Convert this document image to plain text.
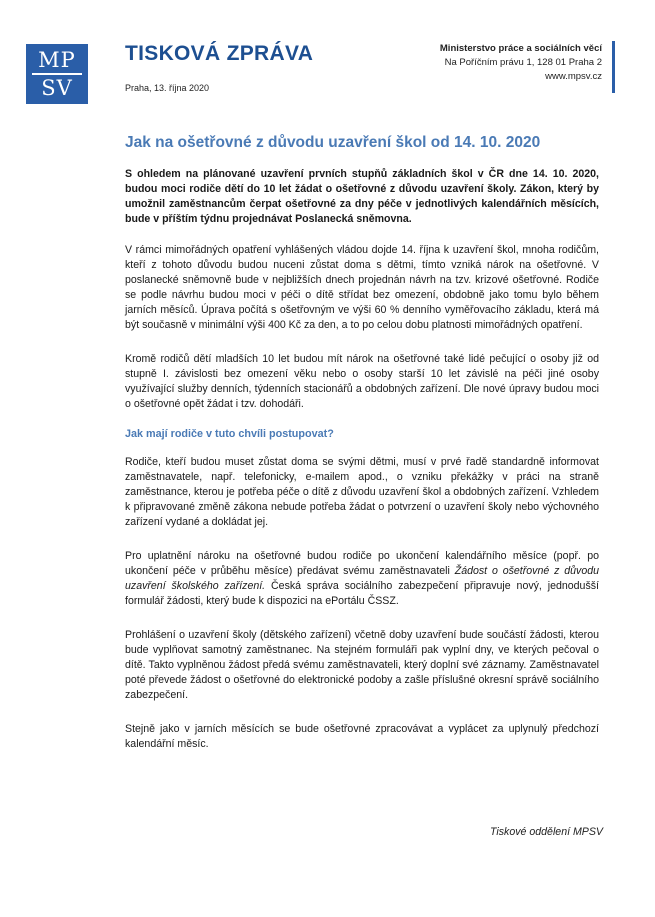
MP
SV
TISKOVÁ ZPRÁVA
Praha, 13. října 2020
Ministerstvo práce a sociálních věcí
Na Poříčním právu 1, 128 01 Praha 2
www.mpsv.cz
Jak na ošetřovné z důvodu uzavření škol od 14. 10. 2020

S ohledem na plánované uzavření prvních stupňů základních škol v ČR dne 14. 10. 2020, budou moci rodiče dětí do 10 let žádat o ošetřovné z důvodu uzavření školy. Zákon, který by umožnil zaměstnancům čerpat ošetřovné za dny péče v jednotlivých kalendářních měsících, bude v příštím týdnu projednávat Poslanecká sněmovna.

V rámci mimořádných opatření vyhlášených vládou dojde 14. října k uzavření škol, mnoha rodičům, kteří z tohoto důvodu budou nuceni zůstat doma s dětmi, tímto vzniká nárok na ošetřovné. V poslanecké sněmovně bude v nejbližších dnech projednán návrh na tzv. krizové ošetřovné. Rodiče se podle návrhu budou moci v péči o dítě střídat bez omezení, obdobně jako tomu bylo během jarních měsíců. Úprava počítá s ošetřovným ve výši 60 % denního vyměřovacího základu, která má být současně v minimální výši 400 Kč za den, a to po celou dobu platnosti mimořádných opatření.

Kromě rodičů dětí mladších 10 let budou mít nárok na ošetřovné také lidé pečující o osoby již od stupně I. závislosti bez omezení věku nebo o osoby starší 10 let závislé na péči jiné osoby využívající služby denních, týdenních stacionářů a obdobných zařízení. Dle nové úpravy budou moci o ošetřovné opět žádat i tzv. dohodáři.

Jak mají rodiče v tuto chvíli postupovat?

Rodiče, kteří budou muset zůstat doma se svými dětmi, musí v prvé řadě standardně informovat zaměstnavatele, např. telefonicky, e-mailem apod., o vzniku překážky v práci na straně zaměstnance, kterou je potřeba péče o dítě z důvodu uzavření škol a obdobných zařízení. Vzhledem k připravované změně zákona nebude potřeba žádat o potvrzení o uzavření školy nebo výchovného zařízení vydané a dokládat jej.

Pro uplatnění nároku na ošetřovné budou rodiče po ukončení kalendářního měsíce (popř. po ukončení péče v průběhu měsíce) předávat svému zaměstnavateli Žádost o ošetřovné z důvodu uzavření školského zařízení. Česká správa sociálního zabezpečení připravuje nový, jednodušší formulář žádosti, který bude k dispozici na ePortálu ČSSZ.

Prohlášení o uzavření školy (dětského zařízení) včetně doby uzavření bude součástí žádosti, kterou bude vyplňovat samotný zaměstnanec. Na stejném formuláři pak vyplní dny, ve kterých pečoval o dítě. Takto vyplněnou žádost předá svému zaměstnavateli, který doplní své záznamy. Zaměstnavatel poté převede žádost o ošetřovné do elektronické podoby a zašle příslušné okresní správě sociálního zabezpečení.

Stejně jako v jarních měsících se bude ošetřovné zpracovávat a vyplácet za uplynulý předchozí kalendářní měsíc.

Tiskové oddělení MPSV
